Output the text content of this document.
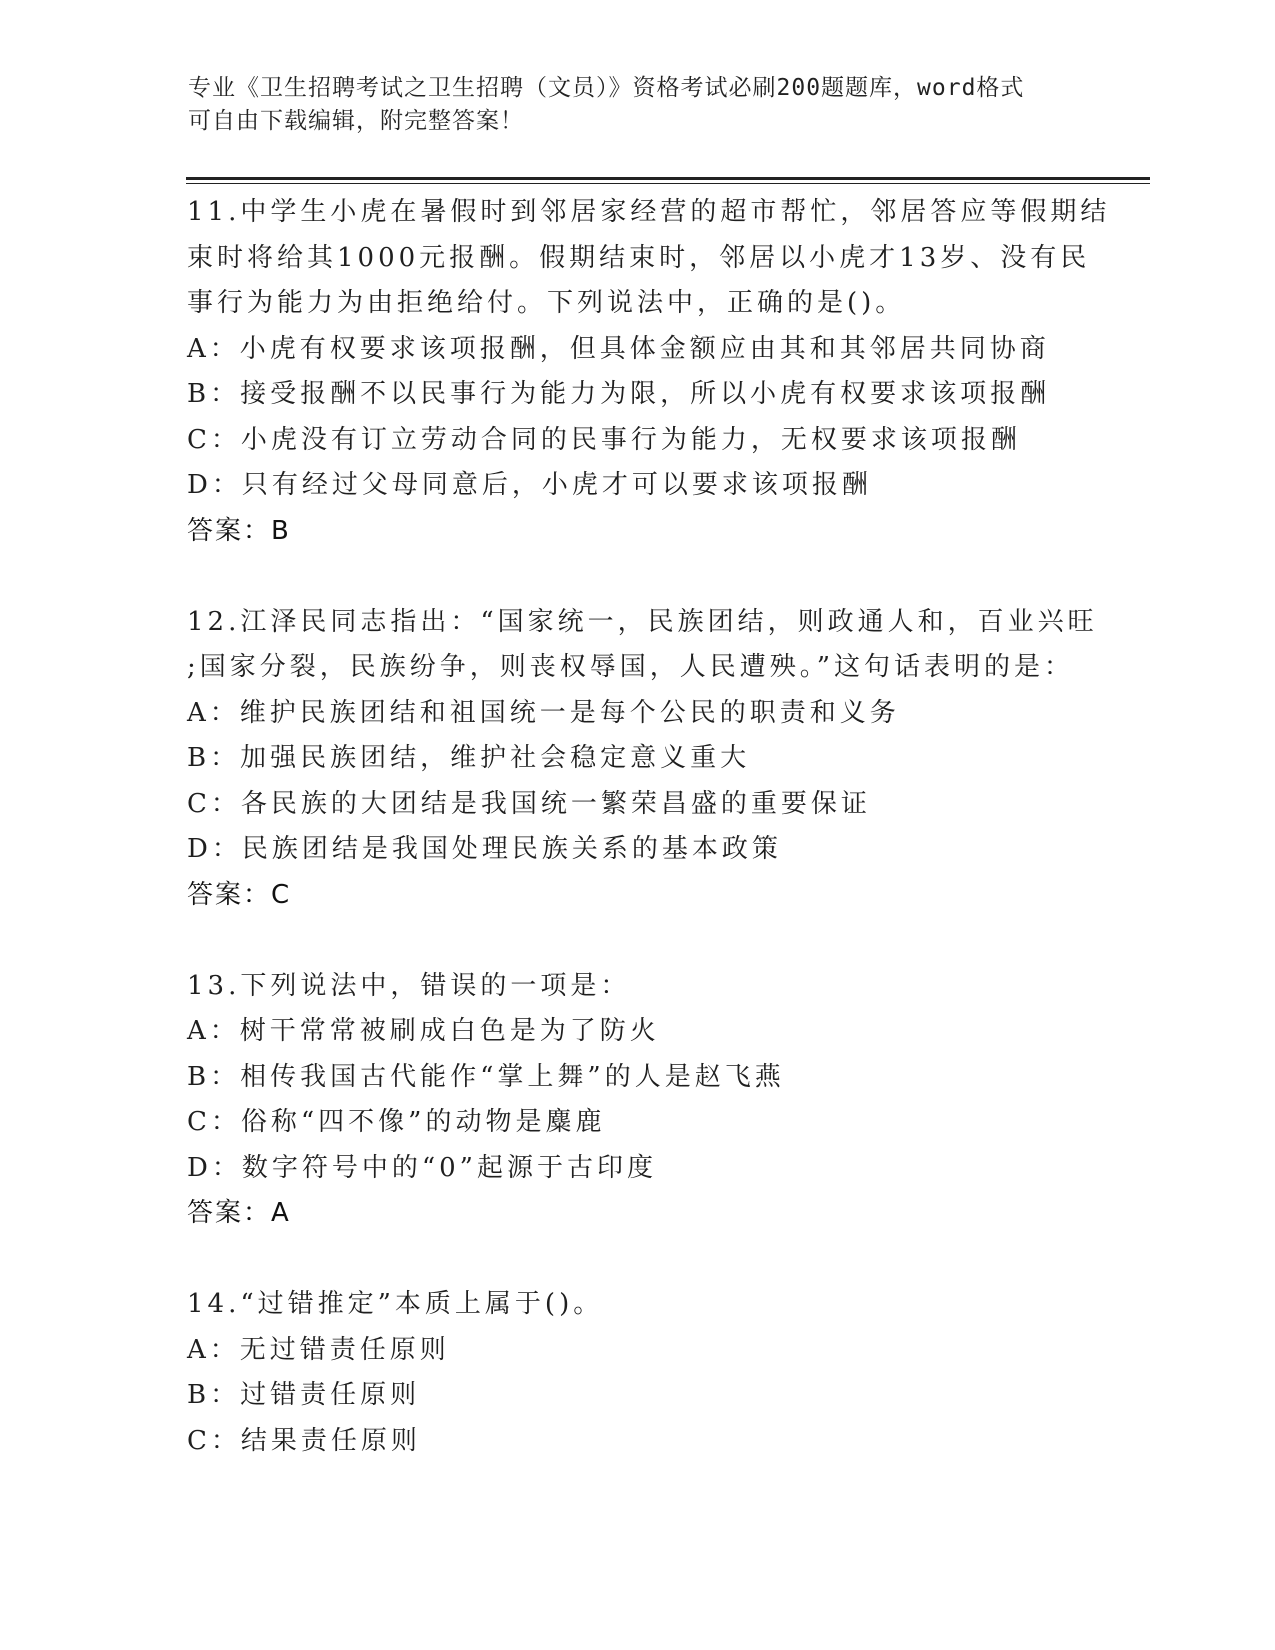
专业《卫生招聘考试之卫生招聘（文员）》资格考试必刷200题题库，word格式
可自由下载编辑，附完整答案！
11.中学生小虎在暑假时到邻居家经营的超市帮忙，邻居答应等假期结
束时将给其1000元报酬。假期结束时，邻居以小虎才13岁、没有民
事行为能力为由拒绝给付。下列说法中，正确的是()。
A：小虎有权要求该项报酬，但具体金额应由其和其邻居共同协商
B：接受报酬不以民事行为能力为限，所以小虎有权要求该项报酬
C：小虎没有订立劳动合同的民事行为能力，无权要求该项报酬
D：只有经过父母同意后，小虎才可以要求该项报酬
答案：B
12.江泽民同志指出：“国家统一，民族团结，则政通人和，百业兴旺
;国家分裂，民族纷争，则丧权辱国，人民遭殃。”这句话表明的是：
A：维护民族团结和祖国统一是每个公民的职责和义务
B：加强民族团结，维护社会稳定意义重大
C：各民族的大团结是我国统一繁荣昌盛的重要保证
D：民族团结是我国处理民族关系的基本政策
答案：C
13.下列说法中，错误的一项是：
A：树干常常被刷成白色是为了防火
B：相传我国古代能作“掌上舞”的人是赵飞燕
C：俗称“四不像”的动物是麋鹿
D：数字符号中的“0”起源于古印度
答案：A
14.“过错推定”本质上属于()。
A：无过错责任原则
B：过错责任原则
C：结果责任原则
